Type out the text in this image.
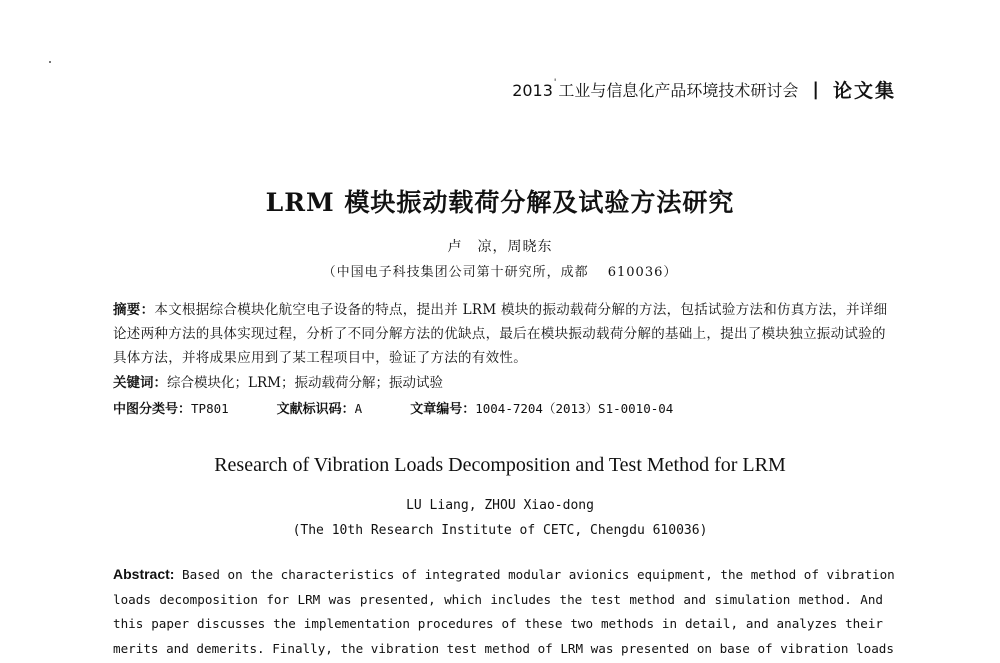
2013' 工业与信息化产品环境技术研讨会 | 论文集
LRM 模块振动载荷分解及试验方法研究
卢　凉，周晓东
（中国电子科技集团公司第十研究所，成都　 610036）
摘要：本文根据综合模块化航空电子设备的特点，提出并 LRM 模块的振动载荷分解的方法，包括试验方法和仿真方法，并详细论述两种方法的具体实现过程，分析了不同分解方法的优缺点，最后在模块振动载荷分解的基础上，提出了模块独立振动试验的具体方法，并将成果应用到了某工程项目中，验证了方法的有效性。
关键词：综合模块化；LRM；振动载荷分解；振动试验
中图分类号：TP801	文献标识码：A	文章编号：1004-7204（2013）S1-0010-04
Research of Vibration Loads Decomposition and Test Method for LRM
LU Liang, ZHOU Xiao-dong
(The 10th Research Institute of CETC, Chengdu 610036)
Abstract: Based on the characteristics of integrated modular avionics equipment, the method of vibration
loads decomposition for LRM was presented, which includes the test method and simulation method. And
this paper discusses the implementation procedures of these two methods in detail, and analyzes their
merits and demerits. Finally, the vibration test method of LRM was presented on base of vibration loads
